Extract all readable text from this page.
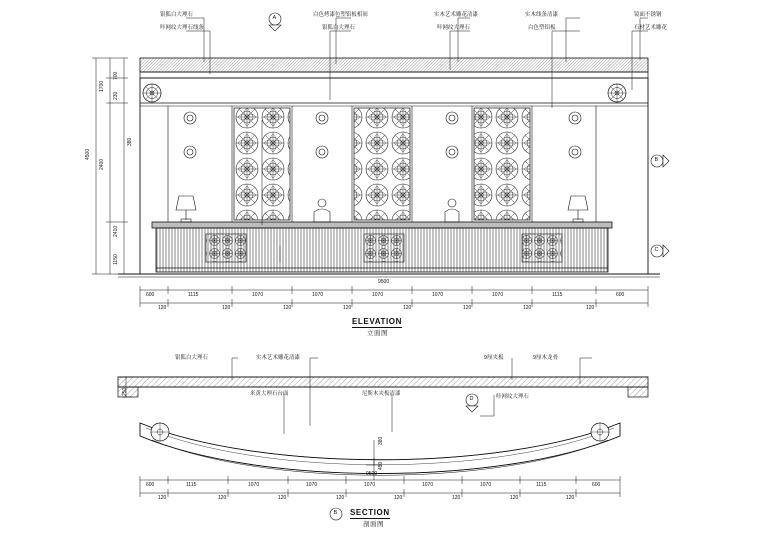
银狐白大理石
咔网纹大理石线条
白色烤漆色塑铝板相间
银狐白大理石
实木艺术雕花清漆
咔网纹大理石
实木线条清漆
白色塑铝板
镜面不锈钢
石材艺术雕花
A
B
C
4500
1700
700
230
2400
2410
380
1150
600	1115	1070	1070	1070	1070	1070	1115	600
120	120	120	120	120	120	120
120
9500
ELEVATION
立面图
银狐白大理石	实木艺术雕花清漆	9厘夹板	9厘木龙骨
米黄大理石台面	尼斯木夹板清漆	咔网纹大理石
D
B
250
380
450
600	1115	1070	1070	1070	1070	1070	1115	600
120	120	120	120	120	120	120	120
9500
SECTION
剖面图
